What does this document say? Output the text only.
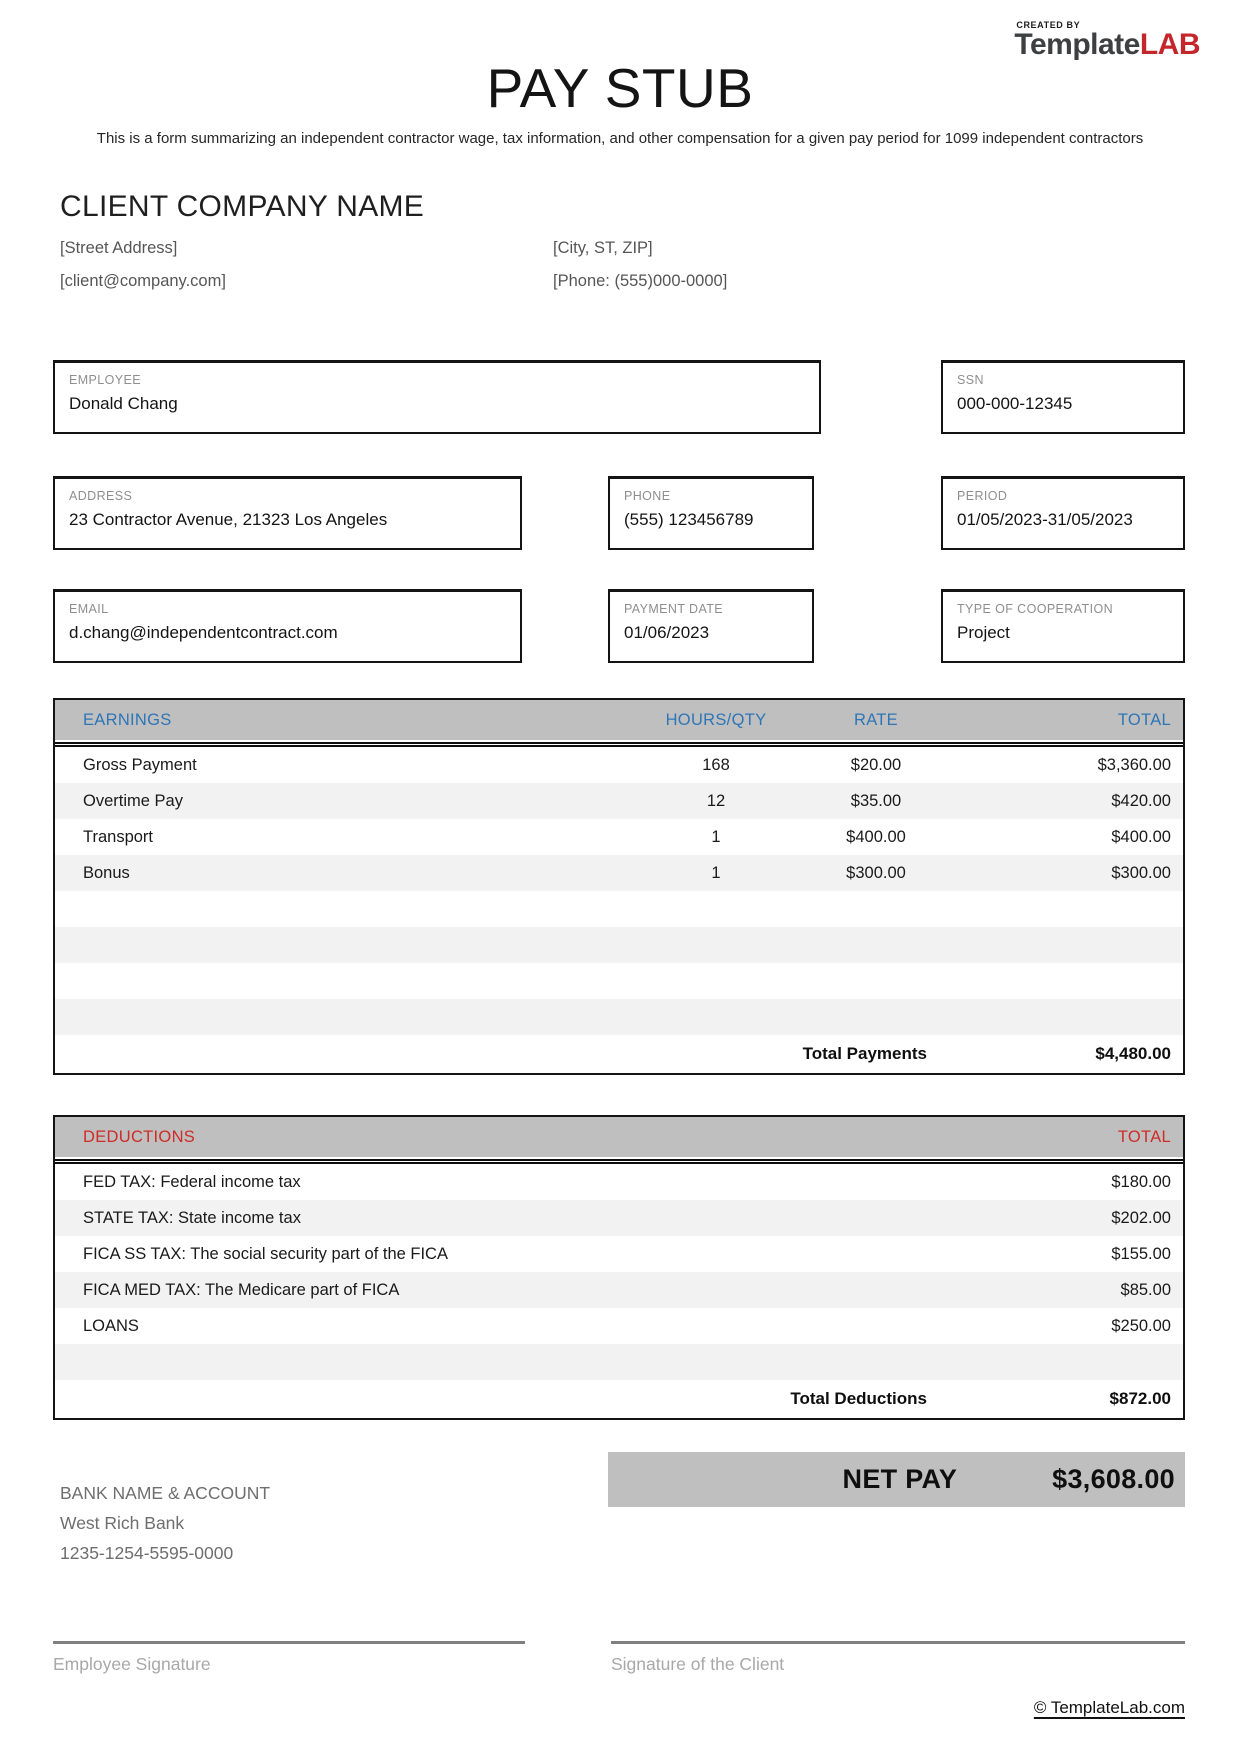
CREATED BY
TemplateLAB
PAY STUB
This is a form summarizing an independent contractor wage, tax information, and other compensation for a given pay period for 1099 independent contractors
CLIENT COMPANY NAME
[Street Address]	[City, ST, ZIP]
[client@company.com]	[Phone: (555)000-0000]
EMPLOYEE
Donald Chang
SSN
000-000-12345
ADDRESS
23 Contractor Avenue, 21323 Los Angeles
PHONE
(555) 123456789
PERIOD
01/05/2023-31/05/2023
EMAIL
d.chang@independentcontract.com
PAYMENT DATE
01/06/2023
TYPE OF COOPERATION
Project
EARNINGS	HOURS/QTY	RATE	TOTAL
Gross Payment	168	$20.00	$3,360.00
Overtime Pay	12	$35.00	$420.00
Transport	1	$400.00	$400.00
Bonus	1	$300.00	$300.00
Total Payments	$4,480.00
DEDUCTIONS	TOTAL
FED TAX: Federal income tax	$180.00
STATE TAX: State income tax	$202.00
FICA SS TAX: The social security part of the FICA	$155.00
FICA MED TAX: The Medicare part of FICA	$85.00
LOANS	$250.00
Total Deductions	$872.00
NET PAY	$3,608.00
BANK NAME & ACCOUNT
West Rich Bank
1235-1254-5595-0000
Employee Signature	Signature of the Client
© TemplateLab.com
